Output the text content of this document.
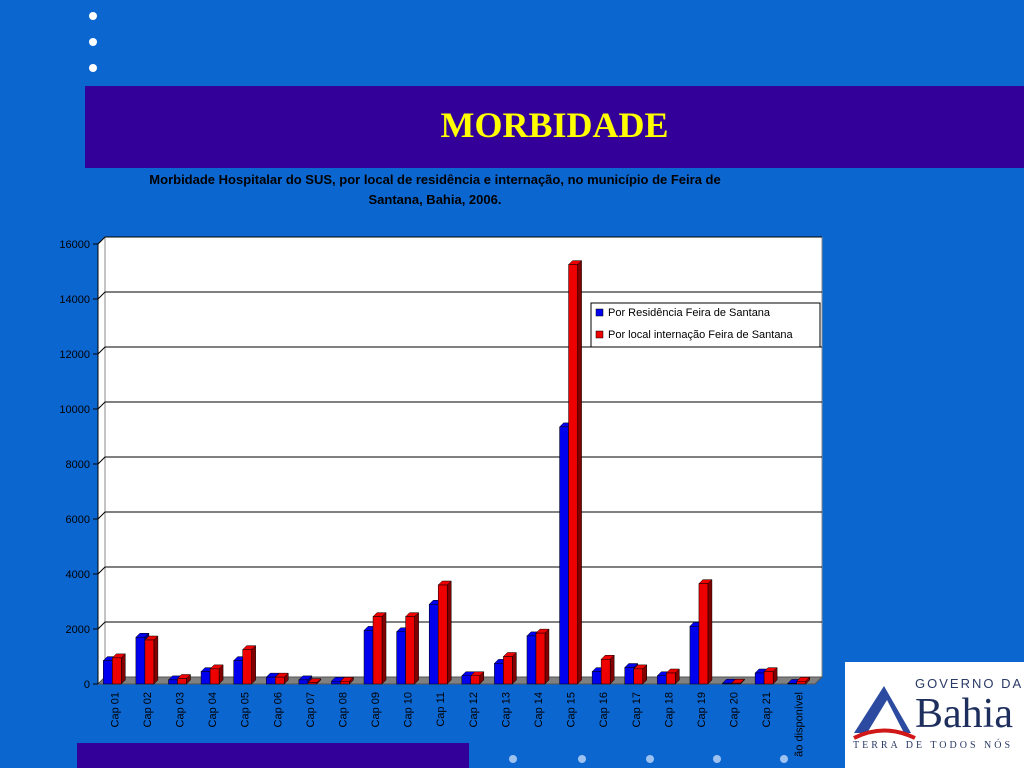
MORBIDADE
Morbidade Hospitalar do SUS, por local de residência e internação, no município de Feira de
Santana, Bahia, 2006.
0
2000
4000
6000
8000
10000
12000
14000
16000
Cap 01 Cap 02 Cap 03 Cap 04 Cap 05 Cap 06 Cap 07 Cap 08 Cap 09 Cap 10 Cap 11 Cap 12 Cap 13 Cap 14 Cap 15 Cap 16 Cap 17 Cap 18 Cap 19 Cap 20 Cap 21 ão disponível
Por Residência Feira de Santana
Por local internação Feira de Santana
GOVERNO DA
Bahia
TERRA DE TODOS NÓS
